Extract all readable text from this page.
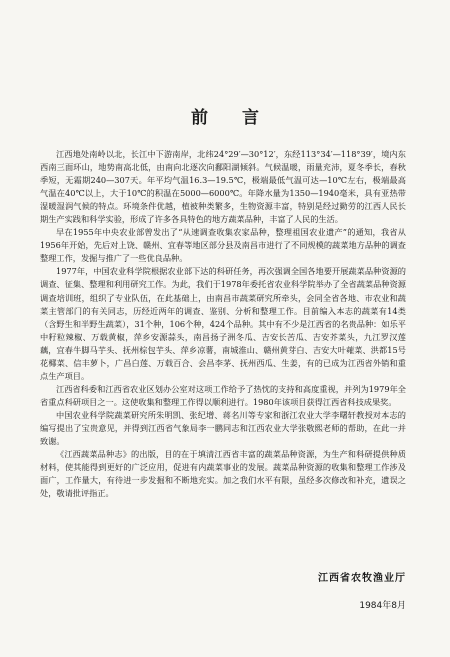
前 言

江西地处南岭以北，长江中下游南岸，北纬24°29′—30°12′，东经113°34′—118°39′，境内东西南三面环山，地势南高北低，由南向北逐次向鄱阳湖倾斜。气候温暖，雨量充沛，夏冬季长，春秋季短，无霜期240—307天。年平均气温16.3—19.5℃，极端最低气温可达—10℃左右，极端最高气温在40℃以上，大于10℃的积温在5000—6000℃。年降水量为1350—1940毫米，具有亚热带湿暖湿润气候的特点。环境条件优越，植被种类繁多，生物资源丰富，特别是经过勤劳的江西人民长期生产实践和科学实验，形成了许多各具特色的地方蔬菜品种，丰富了人民的生活。

早在1955年中央农业部曾发出了“从速调查收集农家品种，整理祖国农业遗产”的通知，我省从1956年开始，先后对上饶、赣州、宜春等地区部分县及南昌市进行了不同规模的蔬菜地方品种的调查整理工作，发掘与推广了一些优良品种。

1977年，中国农业科学院根据农业部下达的科研任务，再次强调全国各地要开展蔬菜品种资源的调查、征集、整理和利用研究工作。为此，我们于1978年委托省农业科学院举办了全省蔬菜品种资源调查培训班，组织了专业队伍，在此基础上，由南昌市蔬菜研究所牵头，会同全省各地、市农业和蔬菜主管部门的有关同志，历经近两年的调查、鉴别、分析和整理工作。目前编入本志的蔬菜有14类（含野生和半野生蔬菜），31个种，106个种，424个品种。其中有不少是江西省的名贵品种：如乐平中籽粒辣椒、万载黄椒，萍乡安源蒜头，南昌扬子洲冬瓜、吉安长苦瓜、吉安芥菜头，九江罗汉莲藕，宜春牛脚马芋头、抚州棕包芋头、萍乡凉薯，南城淮山、赣州黄芽白、吉安大叶蕹菜、洪都15号花椰菜、信丰萝卜，广昌白莲、万载百合、会昌李茅、抚州西瓜、生姜，有的已成为江西省外销和重点生产项目。

江西省科委和江西省农业区划办公室对这项工作给予了热忱的支持和高度重视，并列为1979年全省重点科研项目之一。这使收集和整理工作得以顺利进行。1980年该项目获得江西省科技成果奖。

中国农业科学院蔬菜研究所朱明凯、张纪增、蒋名川等专家和浙江农业大学李曙轩教授对本志的编写提出了宝贵意见，并得到江西省气象局李一鹏同志和江西农业大学张敬熙老师的帮助，在此一并致谢。

《江西蔬菜品种志》的出版，目的在于填清江西省丰富的蔬菜品种资源，为生产和科研提供种质材料，使其能得到更好的广泛应用，促进有内蔬菜事业的发展。蔬菜品种资源的收集和整理工作涉及面广，工作量大，有待进一步发掘和不断地充实。加之我们水平有限，虽经多次修改和补充，遗误之处，敬请批评指正。

江西省农牧渔业厅
1984年8月
